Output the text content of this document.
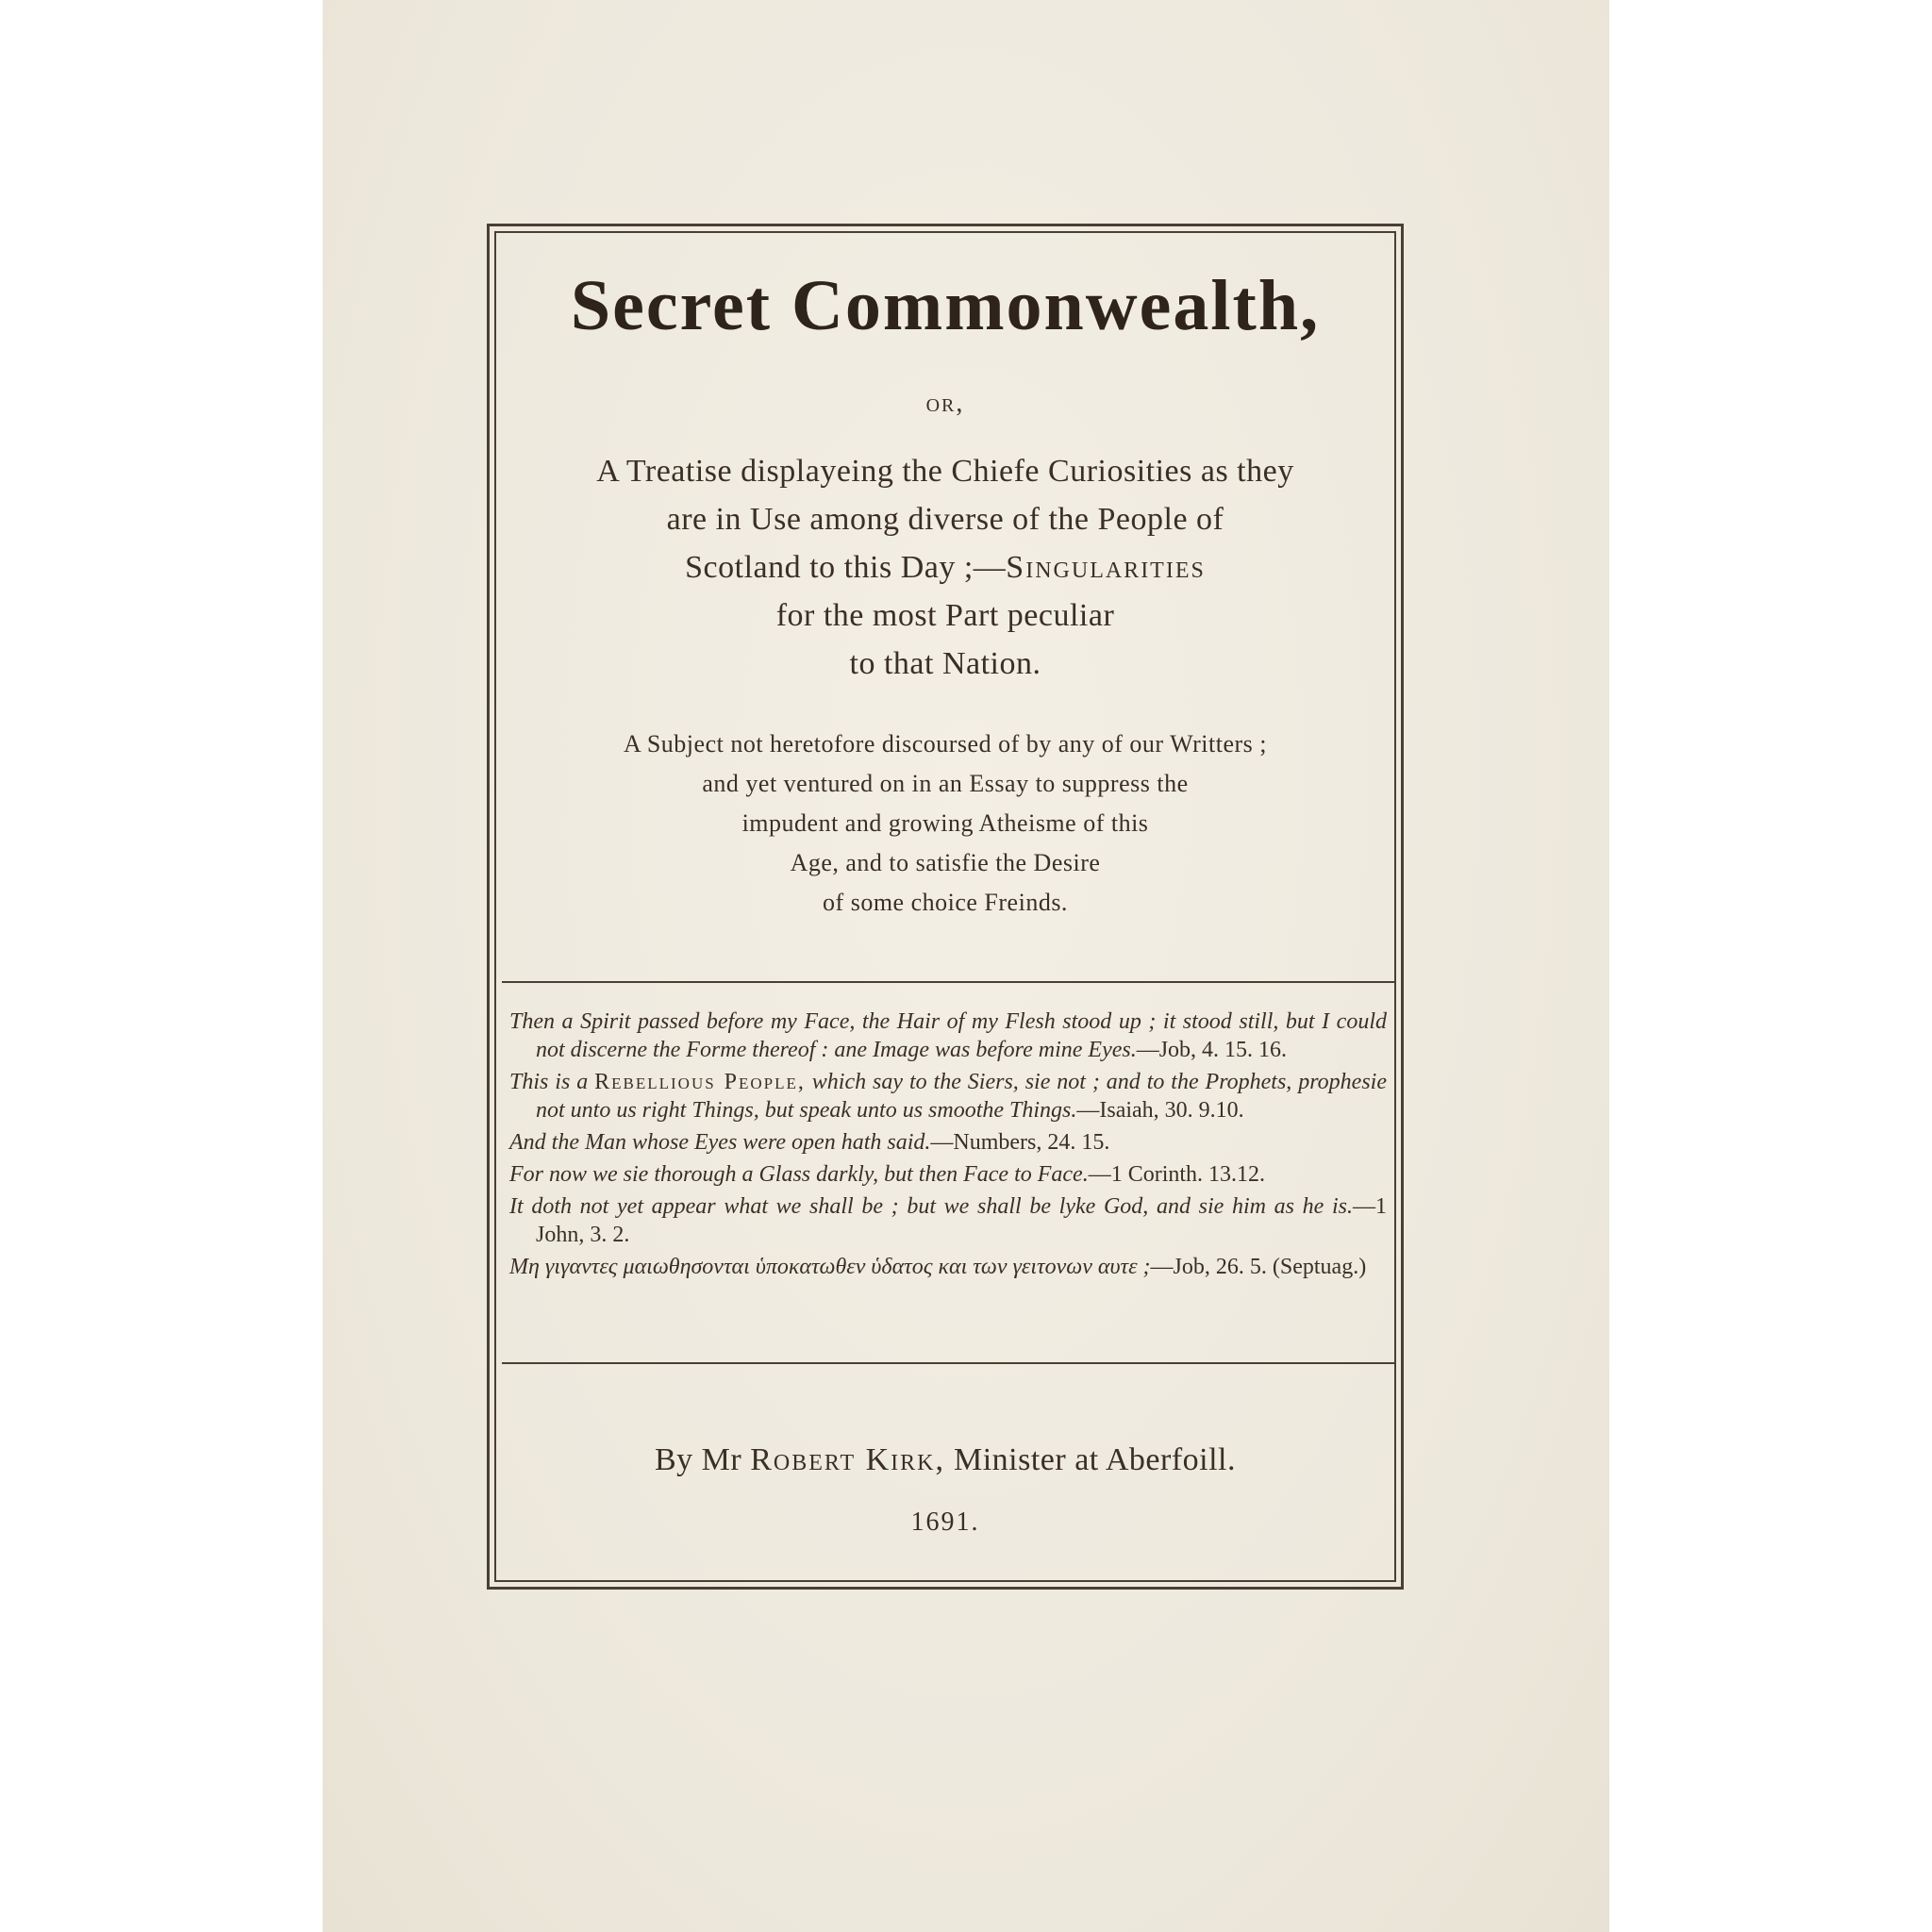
Secret Commonwealth,
or,

A Treatise displayeing the Chiefe Curiosities as they

are in Use among diverse of the People of

Scotland to this Day ;—Singularities

for the most Part peculiar

to that Nation.

A Subject not heretofore discoursed of by any of our Writters ;

and yet ventured on in an Essay to suppress the

impudent and growing Atheisme of this

Age, and to satisfie the Desire

of some choice Freinds.

Then a Spirit passed before my Face, the Hair of my Flesh stood up ; it stood still, but I could not discerne the Forme thereof : ane Image was before mine Eyes.—Job, 4. 15. 16.

This is a Rebellious People, which say to the Siers, sie not ; and to the Prophets, prophesie not unto us right Things, but speak unto us smoothe Things.—Isaiah, 30. 9.10.

And the Man whose Eyes were open hath said.—Numbers, 24. 15.

For now we sie thorough a Glass darkly, but then Face to Face.—1 Corinth. 13.12.

It doth not yet appear what we shall be ; but we shall be lyke God, and sie him as he is.—1 John, 3. 2.

Μη γιγαντες μαιωθησονται ὑποκατωθεν ὑδατος και των γειτονων αυτε ;—Job, 26. 5. (Septuag.)

By Mr Robert Kirk, Minister at Aberfoill.
1691.
